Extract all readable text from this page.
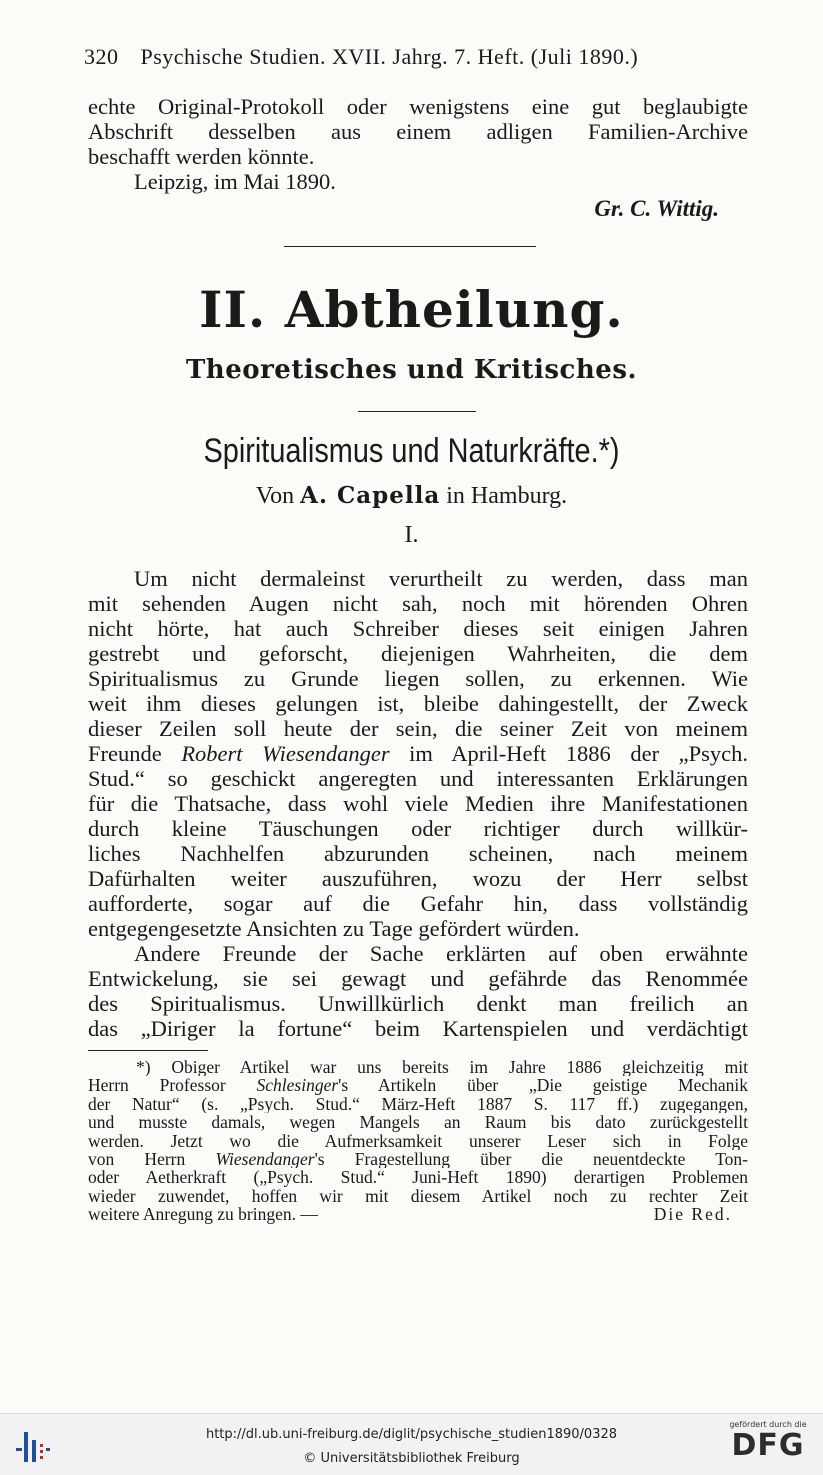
320 Psychische Studien. XVII. Jahrg. 7. Heft. (Juli 1890.)
echte Original-Protokoll oder wenigstens eine gut beglaubigte
Abschrift desselben aus einem adligen Familien-Archive
beschafft werden könnte.
Leipzig, im Mai 1890.
Gr. C. Wittig.
II. Abtheilung.
Theoretisches und Kritisches.
Spiritualismus und Naturkräfte.*)
Von A. Capella in Hamburg.
I.
Um nicht dermaleinst verurtheilt zu werden, dass man
mit sehenden Augen nicht sah, noch mit hörenden Ohren
nicht hörte, hat auch Schreiber dieses seit einigen Jahren
gestrebt und geforscht, diejenigen Wahrheiten, die dem
Spiritualismus zu Grunde liegen sollen, zu erkennen. Wie
weit ihm dieses gelungen ist, bleibe dahingestellt, der Zweck
dieser Zeilen soll heute der sein, die seiner Zeit von meinem
Freunde Robert Wiesendanger im April-Heft 1886 der „Psych.
Stud.“ so geschickt angeregten und interessanten Erklärungen
für die Thatsache, dass wohl viele Medien ihre Manifestationen
durch kleine Täuschungen oder richtiger durch willkür-
liches Nachhelfen abzurunden scheinen, nach meinem
Dafürhalten weiter auszuführen, wozu der Herr selbst
aufforderte, sogar auf die Gefahr hin, dass vollständig
entgegengesetzte Ansichten zu Tage gefördert würden.
Andere Freunde der Sache erklärten auf oben erwähnte
Entwickelung, sie sei gewagt und gefährde das Renommée
des Spiritualismus. Unwillkürlich denkt man freilich an
das „Diriger la fortune“ beim Kartenspielen und verdächtigt
*) Obiger Artikel war uns bereits im Jahre 1886 gleichzeitig mit
Herrn Professor Schlesinger's Artikeln über „Die geistige Mechanik
der Natur“ (s. „Psych. Stud.“ März-Heft 1887 S. 117 ff.) zugegangen,
und musste damals, wegen Mangels an Raum bis dato zurückgestellt
werden. Jetzt wo die Aufmerksamkeit unserer Leser sich in Folge
von Herrn Wiesendanger's Fragestellung über die neuentdeckte Ton-
oder Aetherkraft („Psych. Stud.“ Juni-Heft 1890) derartigen Problemen
wieder zuwendet, hoffen wir mit diesem Artikel noch zu rechter Zeit
weitere Anregung zu bringen. —	Die Red.
http://dl.ub.uni-freiburg.de/diglit/psychische_studien1890/0328
© Universitätsbibliothek Freiburg
gefördert durch die
DFG
